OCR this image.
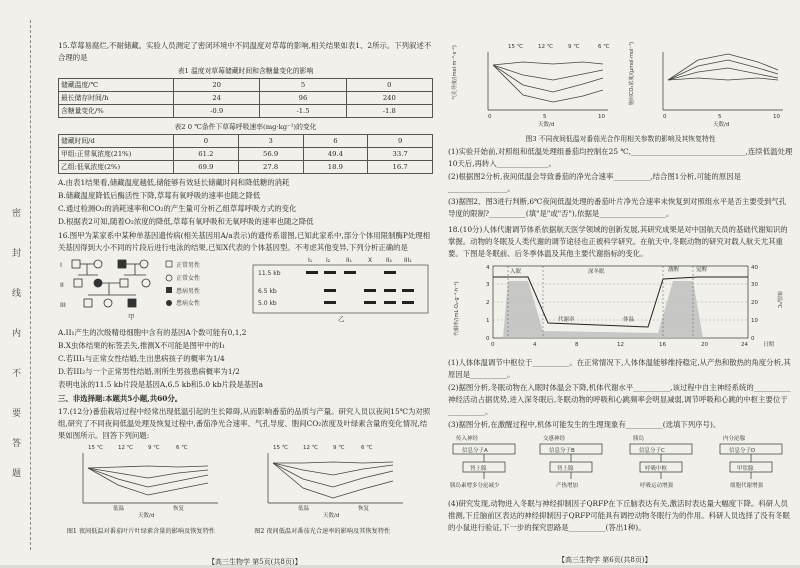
密
封
线
内
不
要
答
题

15.草莓易腐烂,不耐储藏。实验人员测定了密闭环境中不同温度对草莓的影响,相关结果如表1、2所示。下列叙述不合理的是

表1 温度对草莓储藏时间和含糖量变化的影响
储藏温度/℃	20	5	0
最长储存时间/h	24	96	240
含糖量变化/%	-0.9	-1.5	-1.8
表2 0 ℃条件下草莓呼吸速率(mg·kg⁻¹)的变化
储藏时间/d	0	3	6	9
甲组:正常氧浓度(21%)	61.2	56.9	49.4	33.7
乙组:低氧浓度(2%)	69.9	27.8	18.9	16.7

A.由表1结果看,储藏温度越低,储能够有效延长储藏时间和降低糖的消耗

B.储藏温度降低后酶活性下降,草莓有氧呼吸的速率也随之降低

C.通过检测O₂的消耗速率和CO₂的产生量可分析乙组草莓呼吸方式的变化

D.根据表2可知,随着O₂浓度的降低,草莓有氧呼吸和无氧呼吸的速率也随之降低

16.图甲为某家系中某种单基因遗传病(相关基因用A/a表示)的遗传系谱图,已知此家系中,部分个体用限制酶P处理相关基因得到大小不同的片段后进行电泳的结果,已知X代表的个体基因型。不考虑其他变异,下列分析正确的是

I
II
III
正常男性
正常女性
患病男性
患病女性
甲
I₁ I₂	II₁	X II₂ III₁
11.5 kb
6.5 kb
5.0 kb
乙

A.II₁产生的次级精母细胞中含有的基因A个数可能有0,1,2

B.X虫体结果的标签丢失,推测X不可能是图甲中的I₁

C.若III₁与正常女性结婚,生出患病孩子的概率为1/4

D.若III₂与一个正常男性结婚,则所生男孩患病概率为1/2

表明电泳的11.5 kb片段是基因A,6.5 kb和5.0 kb片段是基因a

三、非选择题:本题共5小题,共60分。

17.(12分)番茄栽培过程中经常出现低温引起的生长障碍,从而影响番茄的品质与产量。研究人员以夜间15℃为对照组,研究了不同夜间低温处理及恢复过程中,番茄净光合速率、气孔导度、胞间CO₂浓度及叶绿素含量的变化情况,结果如图所示。回答下列问题:

15 ℃	12 ℃	9 ℃	6 ℃
低温	恢复
天数/d
15 ℃	12 ℃	9 ℃	6 ℃
低温	恢复
天数/d
图1 夜间低温对番茄叶片叶绿素含量的影响及恢复特性	图2 夜间低温对番茄光合速率的影响及其恢复特性
【高三生物学 第5页(共8页)】
15 ℃	12 ℃	9 ℃	6 ℃
气孔导度/(mol·m⁻²·s⁻¹)
0	5	10
天数/d
胞间CO₂浓度/(μmol·mol⁻¹)
0	5	10
天数/d
图3 不同夜间低温对番茄光合作用相关参数的影响及其恢复特性

(1)实验开始前,对照组和低温处理组番茄均控制在25 ℃,_______________________________,连续低温处理10天后,再转入______________。

(2)根据图2分析,夜间低温会导致番茄的净光合速率__________,结合图1分析,可能的原因是________________。

(3)据图2、图3进行判断,6℃夜间低温处理的番茄叶片净光合速率未恢复到对照组水平是否主要受到气孔导度的限制?__________(填"是"或"否"),依据是__________________。

18.(10分)人体代谢调节体系依据航天医学领域的创新发展,其研究成果是对中国航天员的基础代谢知识的掌握。动物的冬眠及人类代谢的调节途径也正被科学研究。在航天中,冬眠动物的研究对载人航天尤其重要。下图是冬眠前、后冬季体温及其他主要代谢指标的变化。

入眠	深冬眠	激醒	觉醒
代谢率	体温
0
1
2
3
4
0
10
20
30
40
0	4	8	12	16	20	24	日期
代谢率/(mL·O₂·g⁻¹·h⁻¹)	体温/℃

(1)人体体温调节中枢位于__________。在正常情况下,人体体温能够维持稳定,从产热和散热的角度分析,其原因是__________。

(2)据图分析,冬眠动物在入眠时体温会下降,机体代谢水平__________,该过程中自主神经系统的__________神经活动占据优势,进入深冬眠后,冬眠动物的呼吸和心跳频率会明显减弱,调节呼吸和心跳的中枢主要位于__________。

(3)据图分析,在激醒过程中,机体可能发生的生理现象有__________(选填下列序号)。

传入神经	交感神经	胰岛	内分泌腺
信息分子A	信息分子B	信息分子C	信息分子D
肾上腺	肾上腺	呼吸中枢	甲状腺
胰岛素增多分泌减少	产热增加	呼吸运动增强	细胞代谢增强

(4)研究发现,动物进入冬眠与神经抑制因子QRFP在下丘脑表达有关,激活时表达量大幅度下降。科研人员推测,下丘脑前区表达的神经抑制因子QRFP可能具有调控动物冬眠行为的作用。科研人员选择了没有冬眠的小鼠进行验证,下一步的探究思路是__________(答出1种)。

【高三生物学 第6页(共8页)】
